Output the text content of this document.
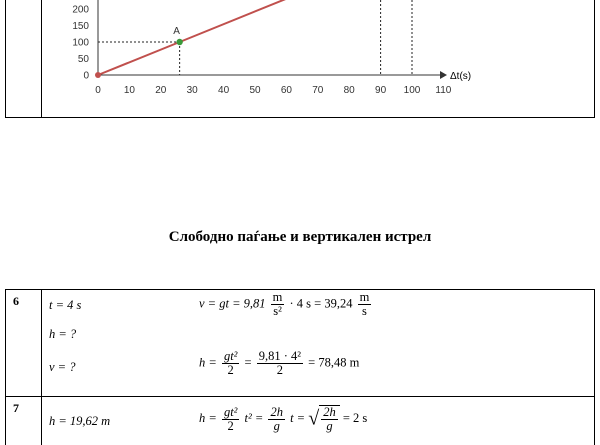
0 10 20 30 40 50 60 70 80 90 100 110
0
50
100
150
200
Δt(s)
A
Слободно паѓање и вертикален истрел
6 t = 4 s
h = ?
v = ?
v = gt = $9,81 \frac{m}{\text{s²}} \cdot 4$ $s = 39,24 \frac{m}{s}$
$h = \frac{\text{gt²}}{2} = \frac{\text{9,81 · 4²}}{2} = 78,48$ m
7
h = 19,62 m	$h = \frac{\text{gt²}}{2} t^2 = \frac{2h}{g}$ t = √ $\frac{2h}{g} = 2$ s
